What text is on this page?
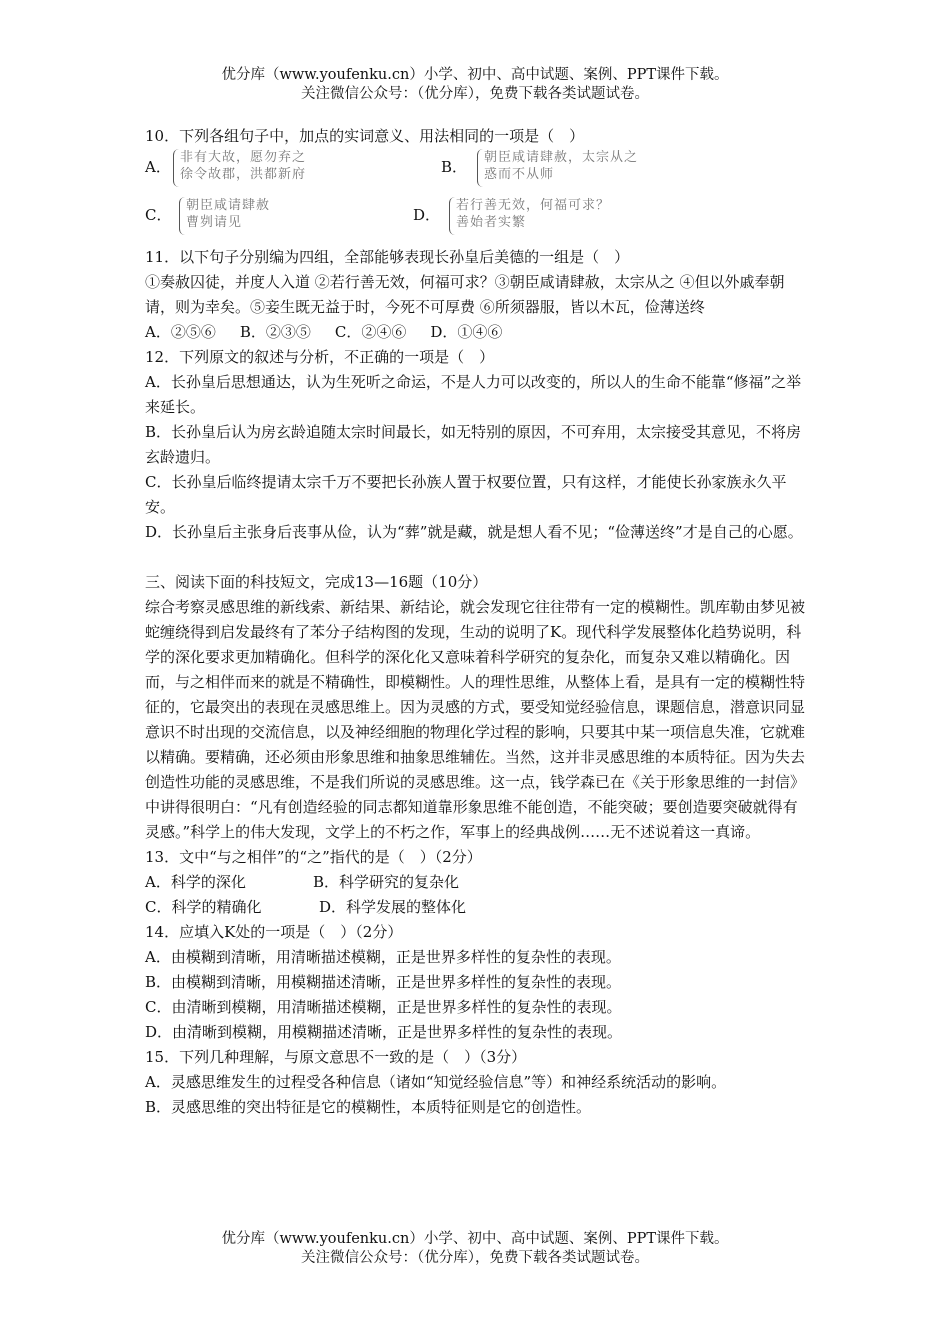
优分库（www.youfenku.cn）小学、初中、高中试题、案例、PPT课件下载。
关注微信公众号：（优分库），免费下载各类试题试卷。

10．下列各组句子中，加点的实词意义、用法相同的一项是（　）

A．
非有大故，愿勿弃之
徐令故郡，洪都新府	B．
朝臣咸请肆赦，太宗从之
惑而不从师
C．
朝臣咸请肆赦
曹刿请见	D．
若行善无效，何福可求？
善始者实繁

11．以下句子分别编为四组，全部能够表现长孙皇后美德的一组是（　）

①奏赦囚徒，并度人入道 ②若行善无效，何福可求？③朝臣咸请肆赦，太宗从之 ④但以外戚奉朝请，则为幸矣。⑤妾生既无益于时，今死不可厚费 ⑥所须器服，皆以木瓦，俭薄送终

A．②⑤⑥ B．②③⑤ C．②④⑥ D．①④⑥

12．下列原文的叙述与分析，不正确的一项是（　）

A．长孙皇后思想通达，认为生死听之命运，不是人力可以改变的，所以人的生命不能靠“修福”之举来延长。

B．长孙皇后认为房玄龄追随太宗时间最长，如无特别的原因，不可弃用，太宗接受其意见，不将房玄龄遗归。

C．长孙皇后临终提请太宗千万不要把长孙族人置于权要位置，只有这样，才能使长孙家族永久平安。

D．长孙皇后主张身后丧事从俭，认为“葬”就是藏，就是想人看不见；“俭薄送终”才是自己的心愿。

三、阅读下面的科技短文，完成13—16题（10分）

综合考察灵感思维的新线索、新结果、新结论，就会发现它往往带有一定的模糊性。凯库勒由梦见被蛇缠绕得到启发最终有了苯分子结构图的发现，生动的说明了K。现代科学发展整体化趋势说明，科学的深化要求更加精确化。但科学的深化化又意味着科学研究的复杂化，而复杂又难以精确化。因而，与之相伴而来的就是不精确性，即模糊性。人的理性思维，从整体上看，是具有一定的模糊性特征的，它最突出的表现在灵感思维上。因为灵感的方式，要受知觉经验信息，课题信息，潜意识同显意识不时出现的交流信息，以及神经细胞的物理化学过程的影响，只要其中某一项信息失准，它就难以精确。要精确，还必须由形象思维和抽象思维辅佐。当然，这并非灵感思维的本质特征。因为失去创造性功能的灵感思维，不是我们所说的灵感思维。这一点，钱学森已在《关于形象思维的一封信》中讲得很明白：“凡有创造经验的同志都知道靠形象思维不能创造，不能突破；要创造要突破就得有灵感。”科学上的伟大发现，文学上的不朽之作，军事上的经典战例……无不述说着这一真谛。

13．文中“与之相伴”的“之”指代的是（　）（2分）

A．科学的深化	B．科学研究的复杂化

C．科学的精确化	D．科学发展的整体化

14．应填入K处的一项是（　）（2分）

A．由模糊到清晰，用清晰描述模糊，正是世界多样性的复杂性的表现。

B．由模糊到清晰，用模糊描述清晰，正是世界多样性的复杂性的表现。

C．由清晰到模糊，用清晰描述模糊，正是世界多样性的复杂性的表现。

D．由清晰到模糊，用模糊描述清晰，正是世界多样性的复杂性的表现。

15．下列几种理解，与原文意思不一致的是（　）（3分）

A．灵感思维发生的过程受各种信息（诸如“知觉经验信息”等）和神经系统活动的影响。

B．灵感思维的突出特征是它的模糊性，本质特征则是它的创造性。

优分库（www.youfenku.cn）小学、初中、高中试题、案例、PPT课件下载。
关注微信公众号：（优分库），免费下载各类试题试卷。
